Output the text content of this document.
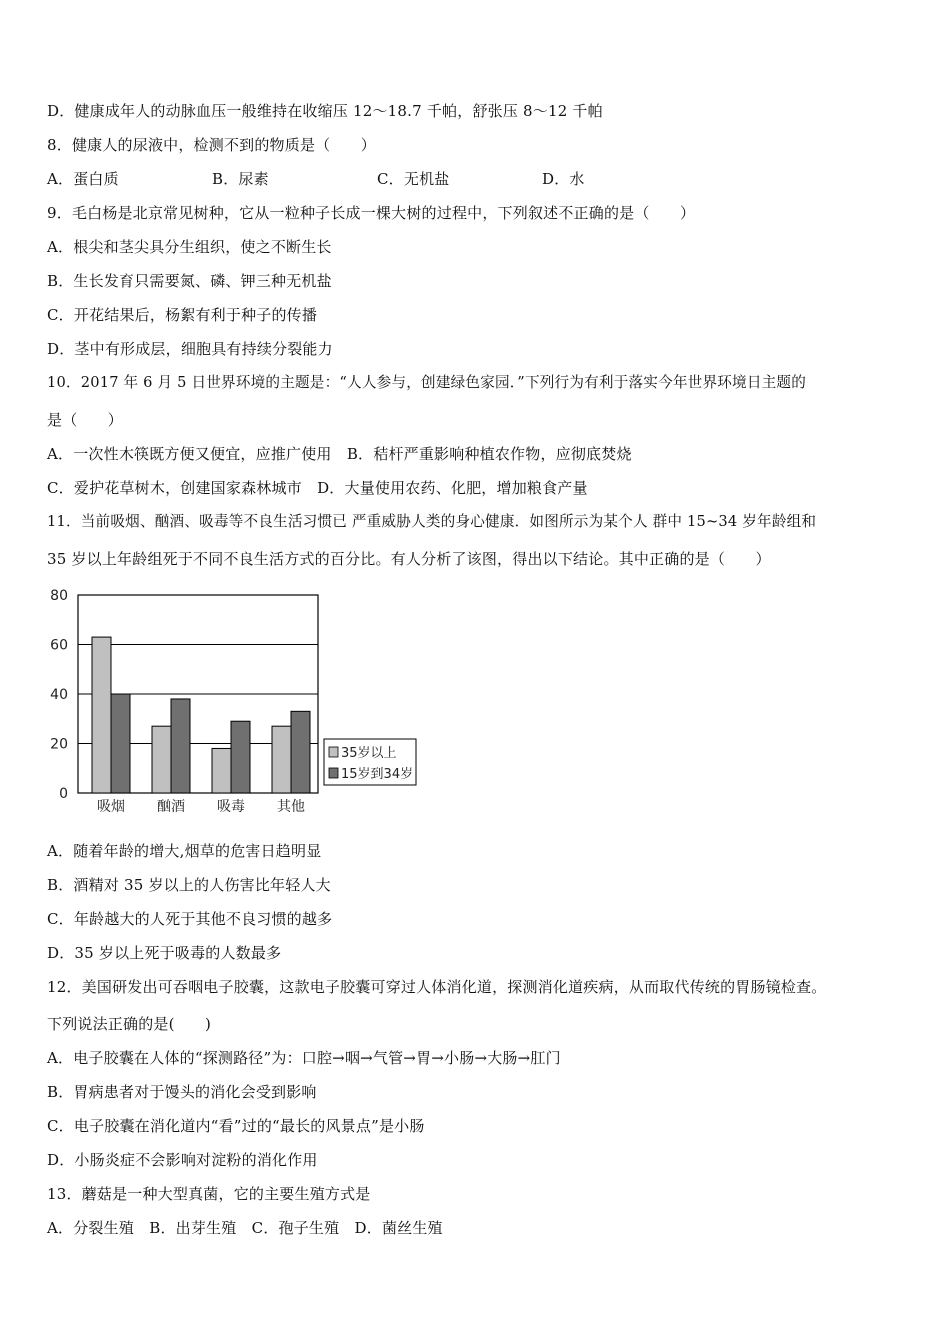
D．健康成年人的动脉血压一般维持在收缩压 12～18.7 千帕，舒张压 8～12 千帕
8．健康人的尿液中，检测不到的物质是（　　）
A．蛋白质	B．尿素	C．无机盐	D．水
9．毛白杨是北京常见树种，它从一粒种子长成一棵大树的过程中，下列叙述不正确的是（　　）
A．根尖和茎尖具分生组织，使之不断生长
B．生长发育只需要氮、磷、钾三种无机盐
C．开花结果后，杨絮有利于种子的传播
D．茎中有形成层，细胞具有持续分裂能力
10．2017 年 6 月 5 日世界环境的主题是：“人人参与，创建绿色家园．”下列行为有利于落实今年世界环境日主题的
是（　　）
A．一次性木筷既方便又便宜，应推广使用　B．秸杆严重影响种植农作物，应彻底焚烧
C．爱护花草树木，创建国家森林城市　D．大量使用农药、化肥，增加粮食产量
11．当前吸烟、酗酒、吸毒等不良生活习惯已 严重威胁人类的身心健康．如图所示为某个人 群中 15~34 岁年龄组和
35 岁以上年龄组死于不同不良生活方式的百分比。有人分析了该图，得出以下结论。其中正确的是（　　）
0
20
40
60
80
吸烟 酗酒 吸毒 其他
35岁以上
15岁到34岁
A．随着年龄的增大,烟草的危害日趋明显
B．酒精对 35 岁以上的人伤害比年轻人大
C．年龄越大的人死于其他不良习惯的越多
D．35 岁以上死于吸毒的人数最多
12．美国研发出可吞咽电子胶囊，这款电子胶囊可穿过人体消化道，探测消化道疾病，从而取代传统的胃肠镜检查。
下列说法正确的是(　　)
A．电子胶囊在人体的“探测路径”为：口腔→咽→气管→胃→小肠→大肠→肛门
B．胃病患者对于馒头的消化会受到影响
C．电子胶囊在消化道内“看”过的“最长的风景点”是小肠
D．小肠炎症不会影响对淀粉的消化作用
13．蘑菇是一种大型真菌，它的主要生殖方式是
A．分裂生殖　B．出芽生殖　C．孢子生殖　D．菌丝生殖
